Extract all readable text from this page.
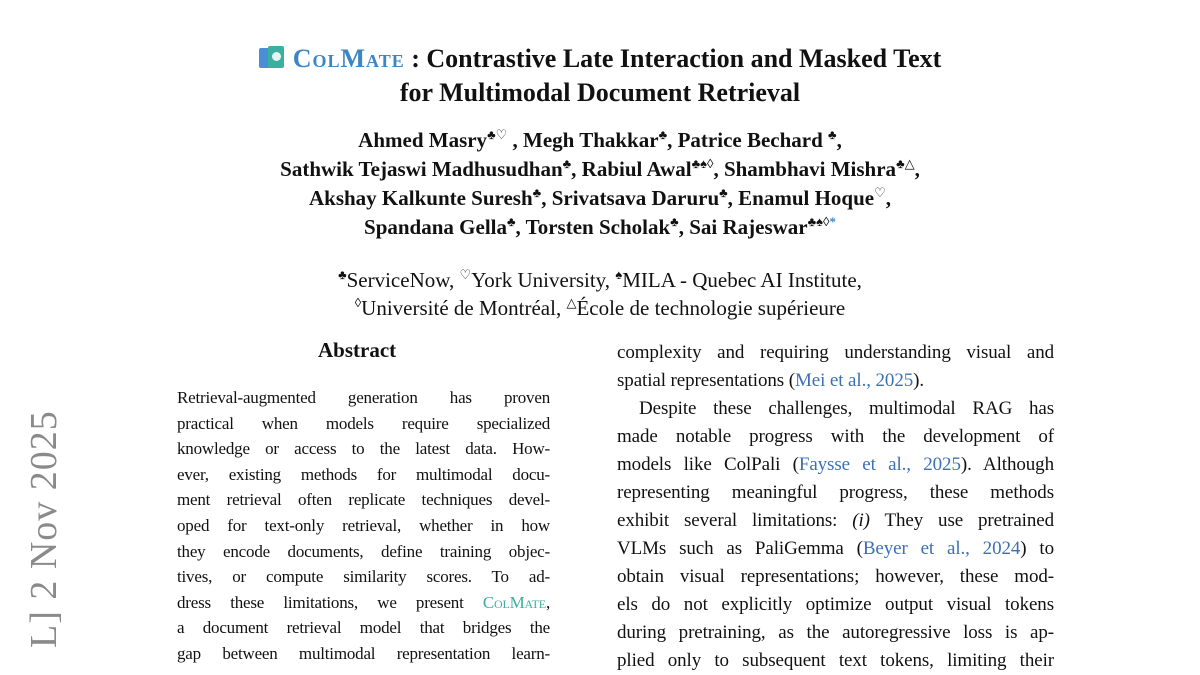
L] 2 Nov 2025
ColMate : Contrastive Late Interaction and Masked Text
for Multimodal Document Retrieval
Ahmed Masry♣♡ , Megh Thakkar♣, Patrice Bechard ♣,
Sathwik Tejaswi Madhusudhan♣, Rabiul Awal♣♠◊, Shambhavi Mishra♣△,
Akshay Kalkunte Suresh♣, Srivatsava Daruru♣, Enamul Hoque♡,
Spandana Gella♣, Torsten Scholak♣, Sai Rajeswar♣♠◊*
♣ServiceNow, ♡York University, ♠MILA - Quebec AI Institute,
◊Université de Montréal, △École de technologie supérieure
Abstract
Retrieval-augmented generation has proven
practical when models require specialized
knowledge or access to the latest data. How-
ever, existing methods for multimodal docu-
ment retrieval often replicate techniques devel-
oped for text-only retrieval, whether in how
they encode documents, define training objec-
tives, or compute similarity scores. To ad-
dress these limitations, we present ColMate,
a document retrieval model that bridges the
gap between multimodal representation learn-
complexity and requiring understanding visual and
spatial representations (Mei et al., 2025).
Despite these challenges, multimodal RAG has
made notable progress with the development of
models like ColPali (Faysse et al., 2025). Although
representing meaningful progress, these methods
exhibit several limitations: (i) They use pretrained
VLMs such as PaliGemma (Beyer et al., 2024) to
obtain visual representations; however, these mod-
els do not explicitly optimize output visual tokens
during pretraining, as the autoregressive loss is ap-
plied only to subsequent text tokens, limiting their
